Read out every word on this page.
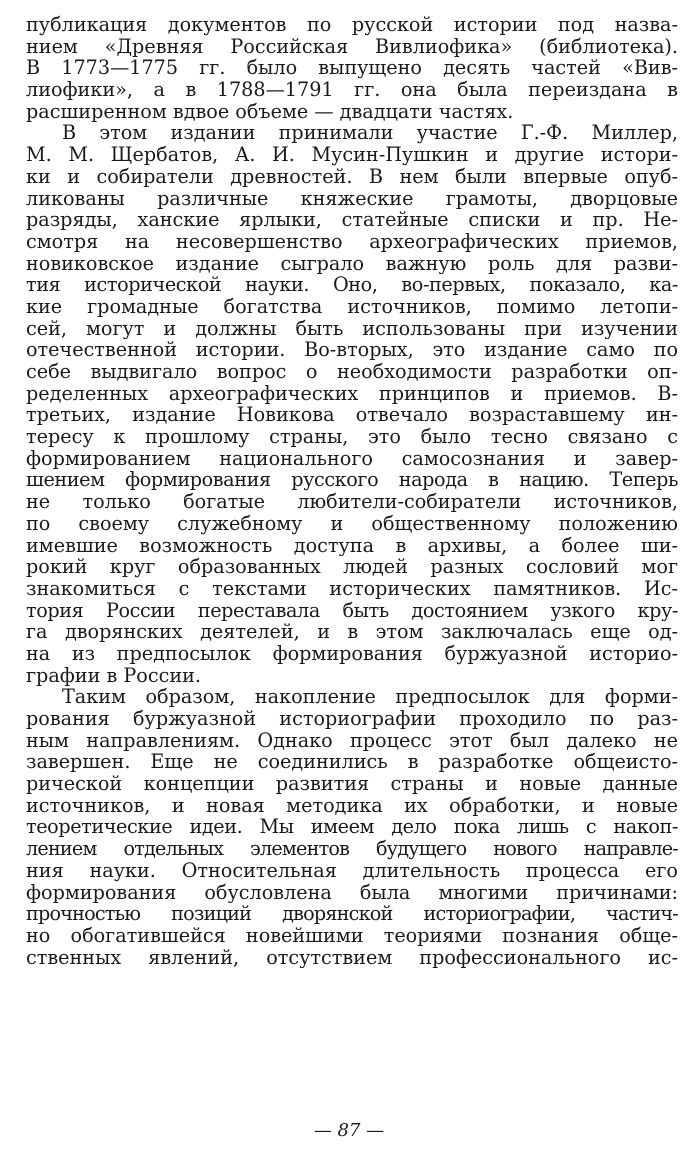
публикация документов по русской истории под назва-
нием «Древняя Российская Вивлиофика» (библиотека).
В 1773—1775 гг. было выпущено десять частей «Вив-
лиофики», а в 1788—1791 гг. она была переиздана в
расширенном вдвое объеме — двадцати частях.
В этом издании принимали участие Г.-Ф. Миллер,
М. М. Щербатов, А. И. Мусин-Пушкин и другие истори-
ки и собиратели древностей. В нем были впервые опуб-
ликованы различные княжеские грамоты, дворцовые
разряды, ханские ярлыки, статейные списки и пр. Не-
смотря на несовершенство археографических приемов,
новиковское издание сыграло важную роль для разви-
тия исторической науки. Оно, во-первых, показало, ка-
кие громадные богатства источников, помимо летопи-
сей, могут и должны быть использованы при изучении
отечественной истории. Во-вторых, это издание само по
себе выдвигало вопрос о необходимости разработки оп-
ределенных археографических принципов и приемов. В-
третьих, издание Новикова отвечало возраставшему ин-
тересу к прошлому страны, это было тесно связано с
формированием национального самосознания и завер-
шением формирования русского народа в нацию. Теперь
не только богатые любители-собиратели источников,
по своему служебному и общественному положению
имевшие возможность доступа в архивы, а более ши-
рокий круг образованных людей разных сословий мог
знакомиться с текстами исторических памятников. Ис-
тория России переставала быть достоянием узкого кру-
га дворянских деятелей, и в этом заключалась еще од-
на из предпосылок формирования буржуазной историо-
графии в России.
Таким образом, накопление предпосылок для форми-
рования буржуазной историографии проходило по раз-
ным направлениям. Однако процесс этот был далеко не
завершен. Еще не соединились в разработке общеисто-
рической концепции развития страны и новые данные
источников, и новая методика их обработки, и новые
теоретические идеи. Мы имеем дело пока лишь с накоп-
лением отдельных элементов будущего нового направле-
ния науки. Относительная длительность процесса его
формирования обусловлена была многими причинами:
прочностью позиций дворянской историографии, частич-
но обогатившейся новейшими теориями познания обще-
ственных явлений, отсутствием профессионального ис-
— 87 —
